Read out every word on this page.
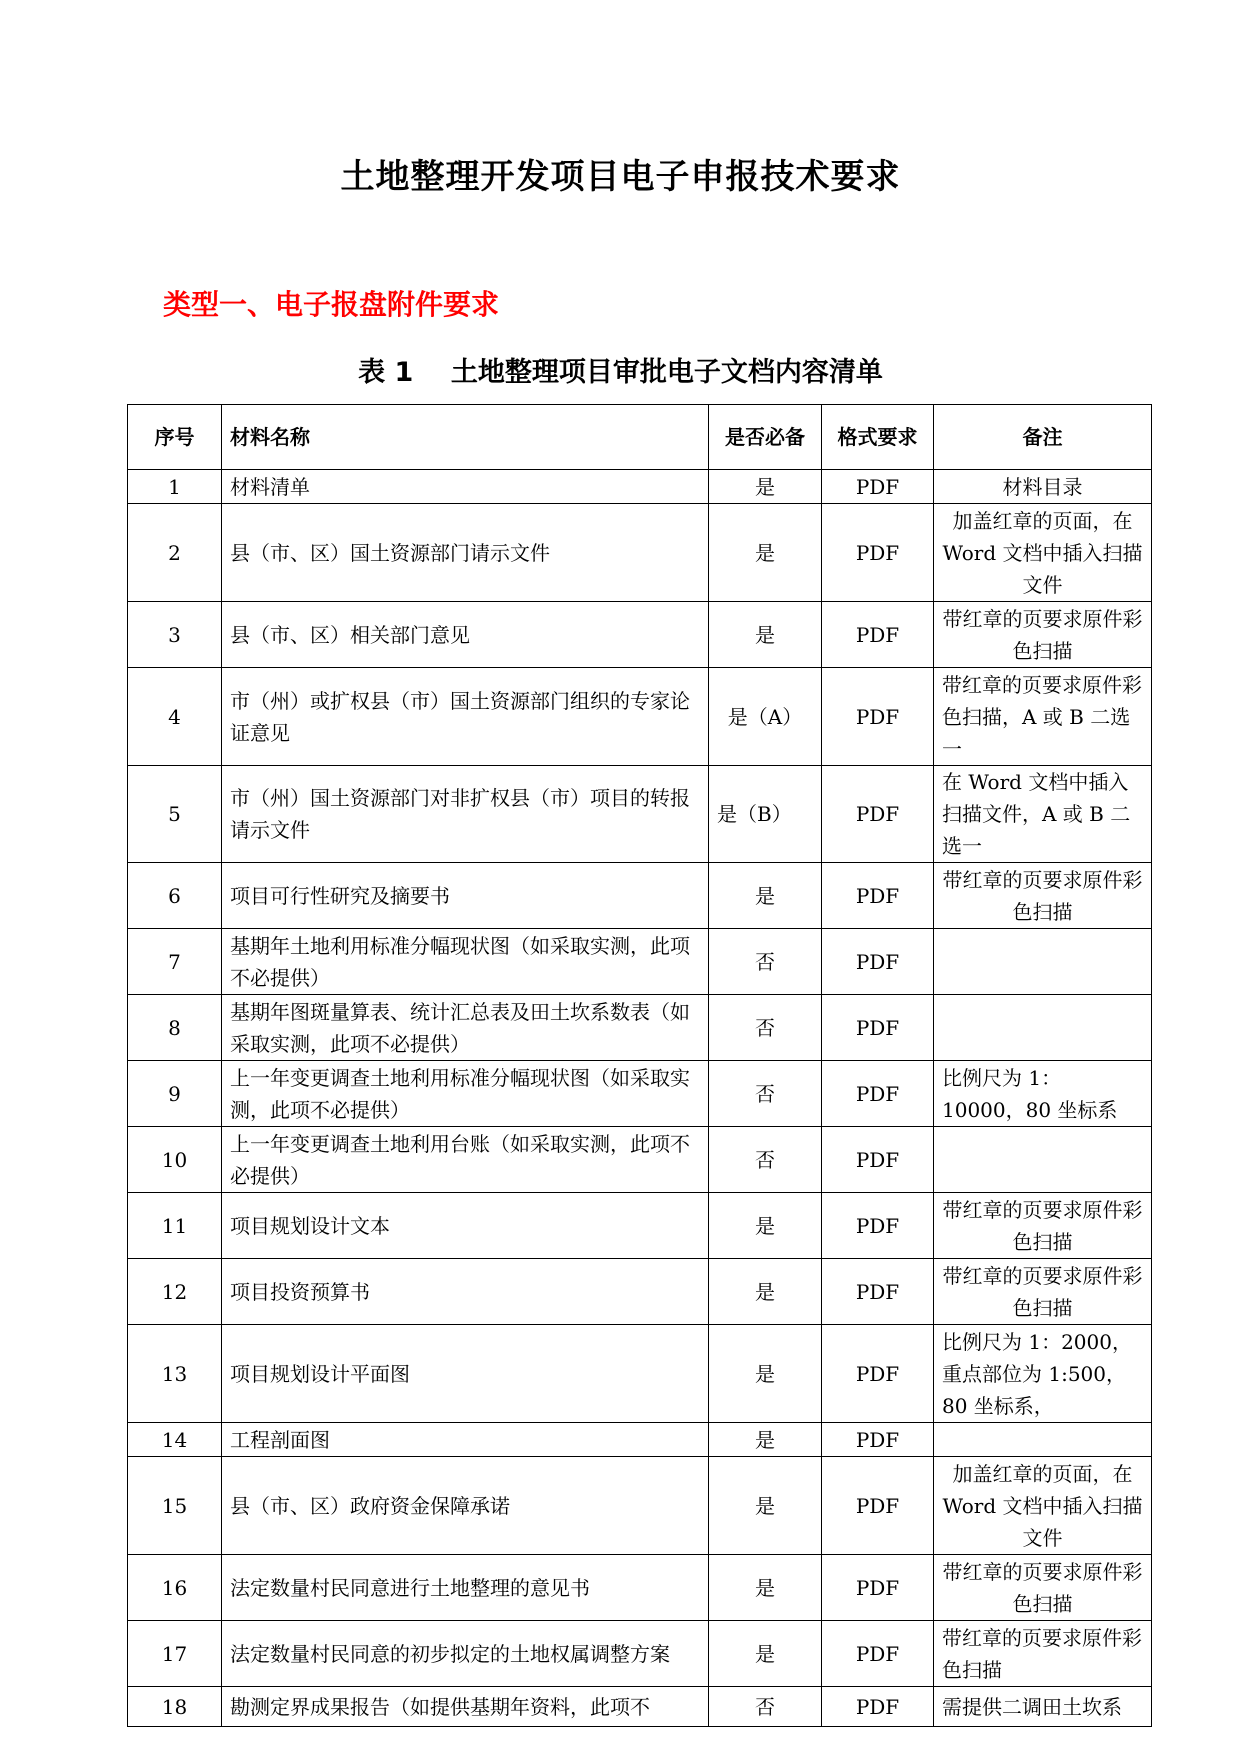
土地整理开发项目电子申报技术要求
类型一、电子报盘附件要求
表 1    土地整理项目审批电子文档内容清单
序号	材料名称	是否必备	格式要求	备注
1	材料清单	是	PDF	材料目录
2	县（市、区）国土资源部门请示文件	是	PDF	加盖红章的页面，在 Word 文档中插入扫描文件
3	县（市、区）相关部门意见	是	PDF	带红章的页要求原件彩色扫描
4	市（州）或扩权县（市）国土资源部门组织的专家论证意见	是（A）	PDF	带红章的页要求原件彩色扫描，A 或 B 二选一
5	市（州）国土资源部门对非扩权县（市）项目的转报请示文件	是（B）	PDF	在 Word 文档中插入扫描文件，A 或 B 二选一
6	项目可行性研究及摘要书	是	PDF	带红章的页要求原件彩色扫描
7	基期年土地利用标准分幅现状图（如采取实测，此项不必提供）	否	PDF	
8	基期年图斑量算表、统计汇总表及田土坎系数表（如采取实测，此项不必提供）	否	PDF	
9	上一年变更调查土地利用标准分幅现状图（如采取实测，此项不必提供）	否	PDF	比例尺为 1：10000，80 坐标系
10	上一年变更调查土地利用台账（如采取实测，此项不必提供）	否	PDF	
11	项目规划设计文本	是	PDF	带红章的页要求原件彩色扫描
12	项目投资预算书	是	PDF	带红章的页要求原件彩色扫描
13	项目规划设计平面图	是	PDF	比例尺为 1：2000，重点部位为 1:500，80 坐标系，
14	工程剖面图	是	PDF	
15	县（市、区）政府资金保障承诺	是	PDF	加盖红章的页面，在 Word 文档中插入扫描文件
16	法定数量村民同意进行土地整理的意见书	是	PDF	带红章的页要求原件彩色扫描
17	法定数量村民同意的初步拟定的土地权属调整方案	是	PDF	带红章的页要求原件彩色扫描
18	勘测定界成果报告（如提供基期年资料，此项不	否	PDF	需提供二调田土坎系
